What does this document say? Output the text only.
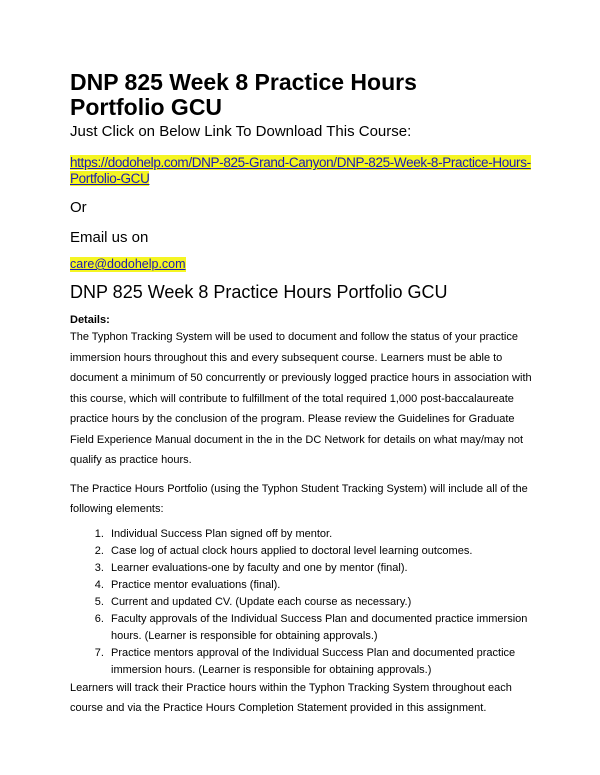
DNP 825 Week 8 Practice Hours Portfolio GCU
Just Click on Below Link To Download This Course:
https://dodohelp.com/DNP-825-Grand-Canyon/DNP-825-Week-8-Practice-Hours-Portfolio-GCU
Or
Email us on
care@dodohelp.com
DNP 825 Week 8 Practice Hours Portfolio GCU
Details:
The Typhon Tracking System will be used to document and follow the status of your practice immersion hours throughout this and every subsequent course. Learners must be able to document a minimum of 50 concurrently or previously logged practice hours in association with this course, which will contribute to fulfillment of the total required 1,000 post-baccalaureate practice hours by the conclusion of the program. Please review the Guidelines for Graduate Field Experience Manual document in the in the DC Network for details on what may/may not qualify as practice hours.
The Practice Hours Portfolio (using the Typhon Student Tracking System) will include all of the following elements:
1. Individual Success Plan signed off by mentor.
2. Case log of actual clock hours applied to doctoral level learning outcomes.
3. Learner evaluations-one by faculty and one by mentor (final).
4. Practice mentor evaluations (final).
5. Current and updated CV. (Update each course as necessary.)
6. Faculty approvals of the Individual Success Plan and documented practice immersion hours. (Learner is responsible for obtaining approvals.)
7. Practice mentors approval of the Individual Success Plan and documented practice immersion hours. (Learner is responsible for obtaining approvals.)
Learners will track their Practice hours within the Typhon Tracking System throughout each course and via the Practice Hours Completion Statement provided in this assignment.
